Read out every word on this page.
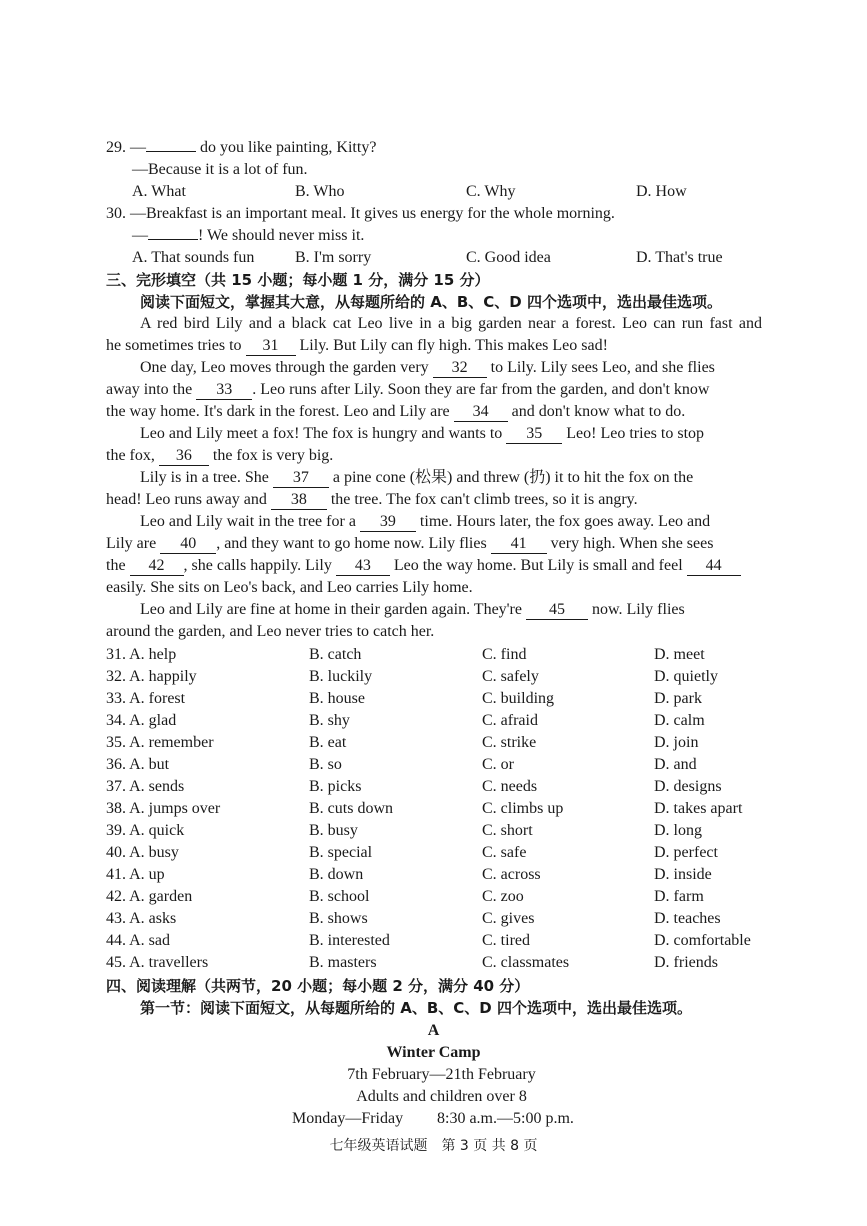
29. —	do you like painting, Kitty?
—Because it is a lot of fun.
A. What	B. Who	C. Why	D. How
30. —Breakfast is an important meal. It gives us energy for the whole morning.
—	! We should never miss it.
A. That sounds fun	B. I'm sorry	C. Good idea	D. That's true
三、完形填空（共 15 小题；每小题 1 分，满分 15 分）
阅读下面短文，掌握其大意，从每题所给的 A、B、C、D 四个选项中，选出最佳选项。
A red bird Lily and a black cat Leo live in a big garden near a forest. Leo can run fast and
he sometimes tries to 31 Lily. But Lily can fly high. This makes Leo sad!
One day, Leo moves through the garden very 32 to Lily. Lily sees Leo, and she flies
away into the 33 . Leo runs after Lily. Soon they are far from the garden, and don't know
the way home. It's dark in the forest. Leo and Lily are 34 and don't know what to do.
Leo and Lily meet a fox! The fox is hungry and wants to 35 Leo! Leo tries to stop
the fox, 36 the fox is very big.
Lily is in a tree. She 37 a pine cone (松果) and threw (扔) it to hit the fox on the
head! Leo runs away and 38 the tree. The fox can't climb trees, so it is angry.
Leo and Lily wait in the tree for a 39 time. Hours later, the fox goes away. Leo and
Lily are 40 , and they want to go home now. Lily flies 41 very high. When she sees
the 42 , she calls happily. Lily 43 Leo the way home. But Lily is small and feel 44
easily. She sits on Leo's back, and Leo carries Lily home.
Leo and Lily are fine at home in their garden again. They're 45 now. Lily flies
around the garden, and Leo never tries to catch her.
31. A. help	B. catch	C. find	D. meet
32. A. happily	B. luckily	C. safely	D. quietly
33. A. forest	B. house	C. building	D. park
34. A. glad	B. shy	C. afraid	D. calm
35. A. remember	B. eat	C. strike	D. join
36. A. but	B. so	C. or	D. and
37. A. sends	B. picks	C. needs	D. designs
38. A. jumps over	B. cuts down	C. climbs up	D. takes apart
39. A. quick	B. busy	C. short	D. long
40. A. busy	B. special	C. safe	D. perfect
41. A. up	B. down	C. across	D. inside
42. A. garden	B. school	C. zoo	D. farm
43. A. asks	B. shows	C. gives	D. teaches
44. A. sad	B. interested	C. tired	D. comfortable
45. A. travellers	B. masters	C. classmates	D. friends
四、阅读理解（共两节，20 小题；每小题 2 分，满分 40 分）
第一节：阅读下面短文，从每题所给的 A、B、C、D 四个选项中，选出最佳选项。
A
Winter Camp
7th February—21th February
Adults and children over 8
Monday—Friday 8:30 a.m.—5:00 p.m.
七年级英语试题　第 3 页 共 8 页
